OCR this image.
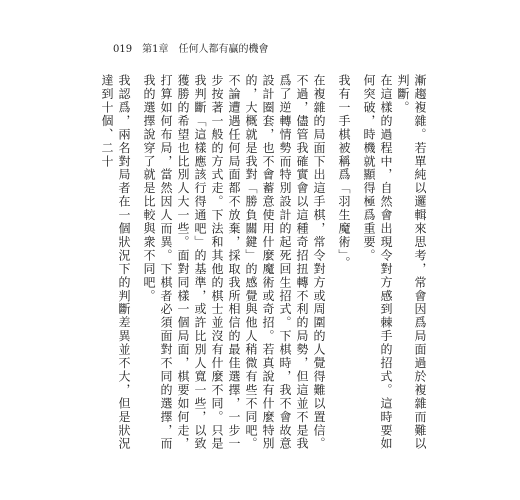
019 第1章 任何人都有贏的機會

漸趨複雜。若單純以邏輯來思考，常會因爲局面過於複雜而難以判斷。

在這樣的過程中，自然會出現令對方感到棘手的招式。這時要如何突破，時機就顯得極爲重要。

我有一手棋被稱爲「羽生魔術」。

在複雜的局面下出這手棋，常令對方或周圍的人覺得難以置信。不過，儘管我確實會以這種奇招扭轉不利的局勢，但這並不是我爲了逆轉情勢而特別設計的起死回生招式。下棋時，我不會故意設計圈套，也不會蓄意使用什麼魔術或奇招。若真說有什麼特別的，大概就是我對「勝負關鍵」的感覺與他人稍微有些不同吧。

不論遭遇任何局面都不放棄，採取我所相信的最佳選擇，一步一步按著一般的方式走。下法和其他的棋士並沒有什麼不同。只是我判斷「這樣應該行得通吧」的基準，或許比別人寬一些，以致獲勝的希望也比別人大一些。面對同樣一個局面，棋要如何走，打算如何布局，當然因人而異。下棋者必須面對不同的選擇，而我的選擇說穿了就是比較與衆不同吧。

我認爲，兩名對局者在一個狀況下的判斷差異並不大，但是狀況達到十個、二十
